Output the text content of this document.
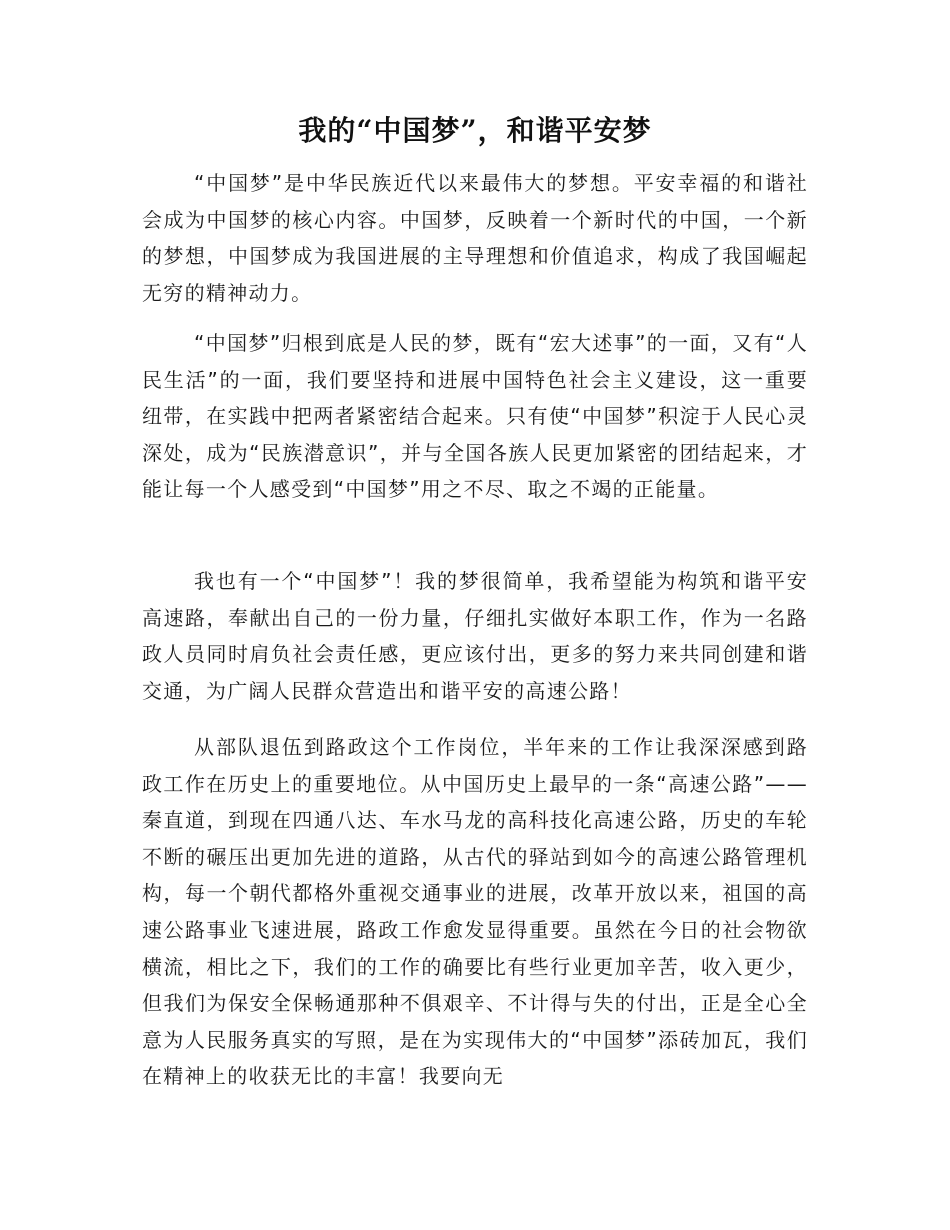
我的“中国梦”，和谐平安梦

“中国梦”是中华民族近代以来最伟大的梦想。平安幸福的和谐社会成为中国梦的核心内容。中国梦，反映着一个新时代的中国，一个新的梦想，中国梦成为我国进展的主导理想和价值追求，构成了我国崛起无穷的精神动力。

“中国梦”归根到底是人民的梦，既有“宏大述事”的一面，又有“人民生活”的一面，我们要坚持和进展中国特色社会主义建设，这一重要纽带，在实践中把两者紧密结合起来。只有使“中国梦”积淀于人民心灵深处，成为“民族潜意识”，并与全国各族人民更加紧密的团结起来，才能让每一个人感受到“中国梦”用之不尽、取之不竭的正能量。

我也有一个“中国梦”！我的梦很简单，我希望能为构筑和谐平安高速路，奉献出自己的一份力量，仔细扎实做好本职工作，作为一名路政人员同时肩负社会责任感，更应该付出，更多的努力来共同创建和谐交通，为广阔人民群众营造出和谐平安的高速公路！

从部队退伍到路政这个工作岗位，半年来的工作让我深深感到路政工作在历史上的重要地位。从中国历史上最早的一条“高速公路”—— 秦直道，到现在四通八达、车水马龙的高科技化高速公路，历史的车轮不断的碾压出更加先进的道路，从古代的驿站到如今的高速公路管理机构，每一个朝代都格外重视交通事业的进展，改革开放以来，祖国的高速公路事业飞速进展，路政工作愈发显得重要。虽然在今日的社会物欲横流，相比之下，我们的工作的确要比有些行业更加辛苦，收入更少，但我们为保安全保畅通那种不俱艰辛、不计得与失的付出，正是全心全意为人民服务真实的写照，是在为实现伟大的“中国梦”添砖加瓦，我们在精神上的收获无比的丰富！我要向无
